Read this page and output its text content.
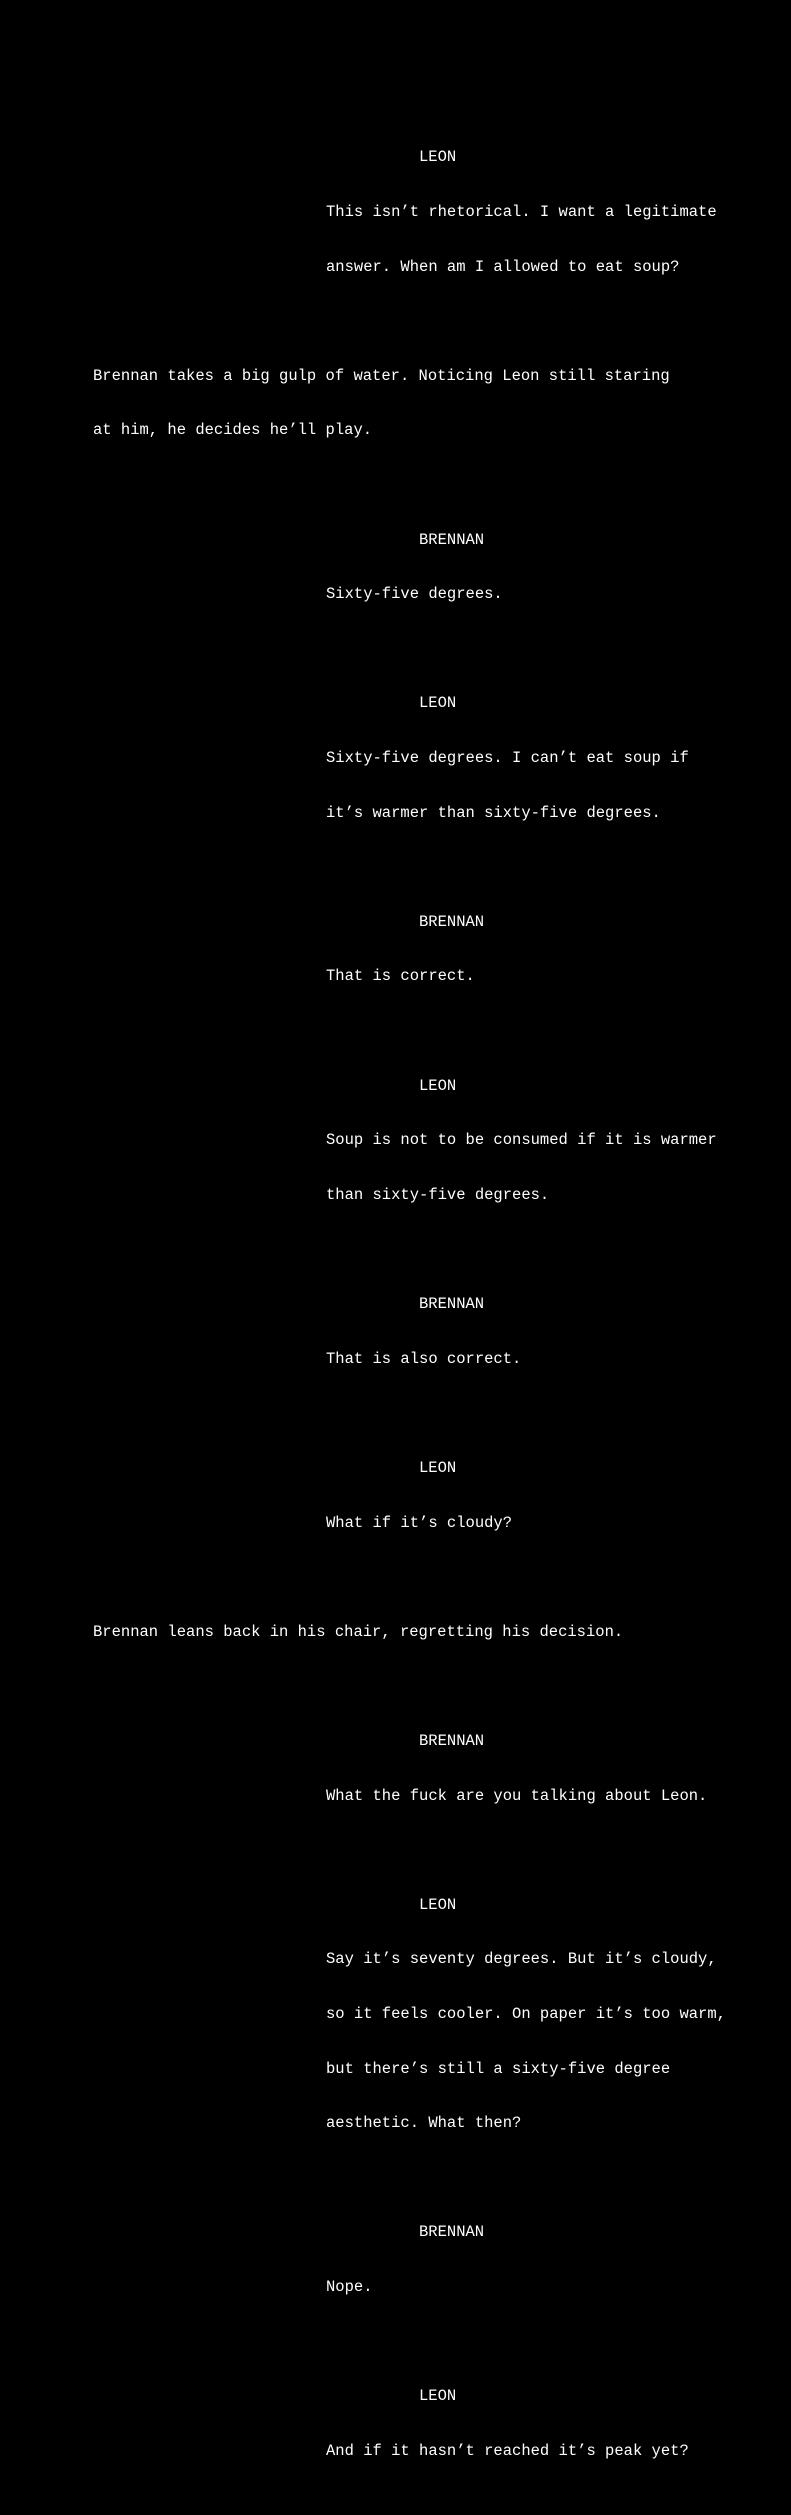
LEON

This isn’t rhetorical. I want a legitimate

answer. When am I allowed to eat soup?

Brennan takes a big gulp of water. Noticing Leon still staring

at him, he decides he’ll play.

BRENNAN

Sixty-five degrees.

LEON

Sixty-five degrees. I can’t eat soup if

it’s warmer than sixty-five degrees.

BRENNAN

That is correct.

LEON

Soup is not to be consumed if it is warmer

than sixty-five degrees.

BRENNAN

That is also correct.

LEON

What if it’s cloudy?

Brennan leans back in his chair, regretting his decision.

BRENNAN

What the fuck are you talking about Leon.

LEON

Say it’s seventy degrees. But it’s cloudy,

so it feels cooler. On paper it’s too warm,

but there’s still a sixty-five degree

aesthetic. What then?

BRENNAN

Nope.

LEON

And if it hasn’t reached it’s peak yet?
